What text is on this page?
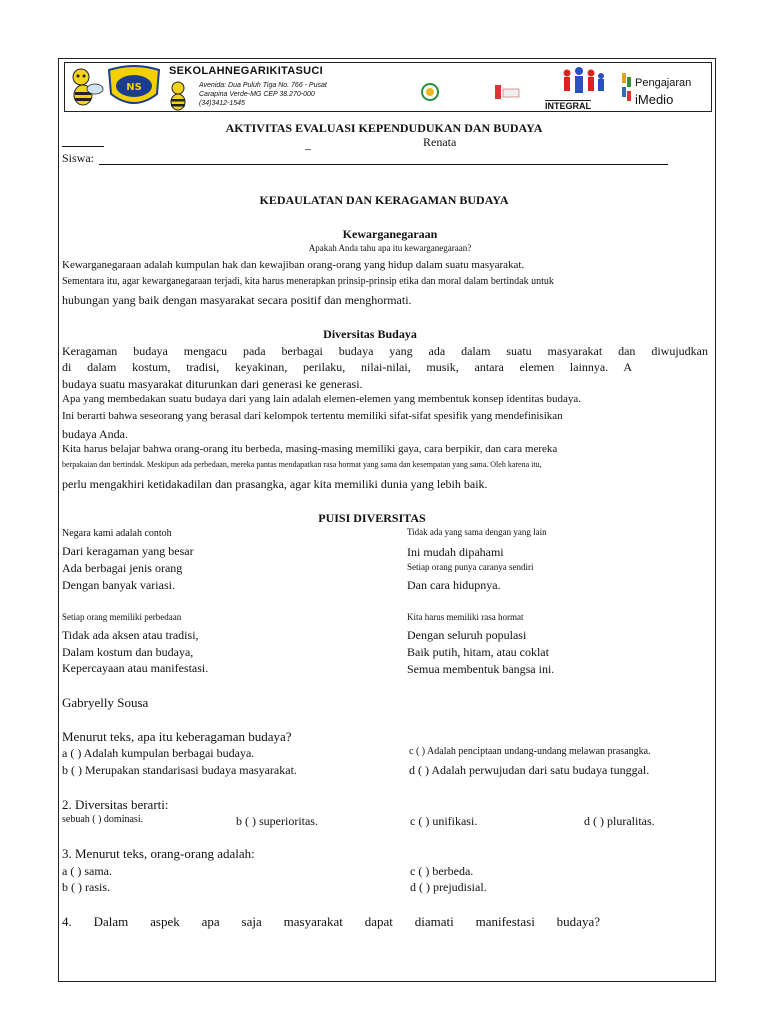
NS
SEKOLAHNEGARIKITASUCI
Avenida: Dua Puluh Tiga No. 766 - Pusat
Carapina Verde-MG CEP 38.270-000
(34)3412-1545	INTEGRAL
Pengajaran
iMedio
AKTIVITAS EVALUASI KEPENDUDUKAN DAN BUDAYA
_	Renata
Siswa:
KEDAULATAN DAN KERAGAMAN BUDAYA
Kewarganegaraan
Apakah Anda tahu apa itu kewarganegaraan?
Kewarganegaraan adalah kumpulan hak dan kewajiban orang-orang yang hidup dalam suatu masyarakat.
Sementara itu, agar kewarganegaraan terjadi, kita harus menerapkan prinsip-prinsip etika dan moral dalam bertindak untuk
hubungan yang baik dengan masyarakat secara positif dan menghormati.
Diversitas Budaya
Keragaman budaya mengacu pada berbagai budaya yang ada dalam suatu masyarakat dan diwujudkan
di dalam kostum, tradisi, keyakinan, perilaku, nilai-nilai, musik, antara elemen lainnya. A
budaya suatu masyarakat diturunkan dari generasi ke generasi.
Apa yang membedakan suatu budaya dari yang lain adalah elemen-elemen yang membentuk konsep identitas budaya.
Ini berarti bahwa seseorang yang berasal dari kelompok tertentu memiliki sifat-sifat spesifik yang mendefinisikan
budaya Anda.
Kita harus belajar bahwa orang-orang itu berbeda, masing-masing memiliki gaya, cara berpikir, dan cara mereka
berpakaian dan bertindak. Meskipun ada perbedaan, mereka pantas mendapatkan rasa hormat yang sama dan kesempatan yang sama. Oleh karena itu,
perlu mengakhiri ketidakadilan dan prasangka, agar kita memiliki dunia yang lebih baik.
PUISI DIVERSITAS
Negara kami adalah contoh
Dari keragaman yang besar
Ada berbagai jenis orang
Dengan banyak variasi.
Tidak ada yang sama dengan yang lain
Ini mudah dipahami
Setiap orang punya caranya sendiri
Dan cara hidupnya.
Setiap orang memiliki perbedaan
Tidak ada aksen atau tradisi,
Dalam kostum dan budaya,
Kepercayaan atau manifestasi.
Kita harus memiliki rasa hormat
Dengan seluruh populasi
Baik putih, hitam, atau coklat
Semua membentuk bangsa ini.
Gabryelly Sousa
Menurut teks, apa itu keberagaman budaya?
a ( ) Adalah kumpulan berbagai budaya.
b ( ) Merupakan standarisasi budaya masyarakat.
c ( ) Adalah penciptaan undang-undang melawan prasangka.
d ( ) Adalah perwujudan dari satu budaya tunggal.
2. Diversitas berarti:
sebuah ( ) dominasi.	b ( ) superioritas.	c ( ) unifikasi.	d ( ) pluralitas.
3. Menurut teks, orang-orang adalah:
a ( ) sama.
b ( ) rasis.
c ( ) berbeda.
d ( ) prejudisial.
4. Dalam aspek apa saja masyarakat dapat diamati manifestasi budaya?
